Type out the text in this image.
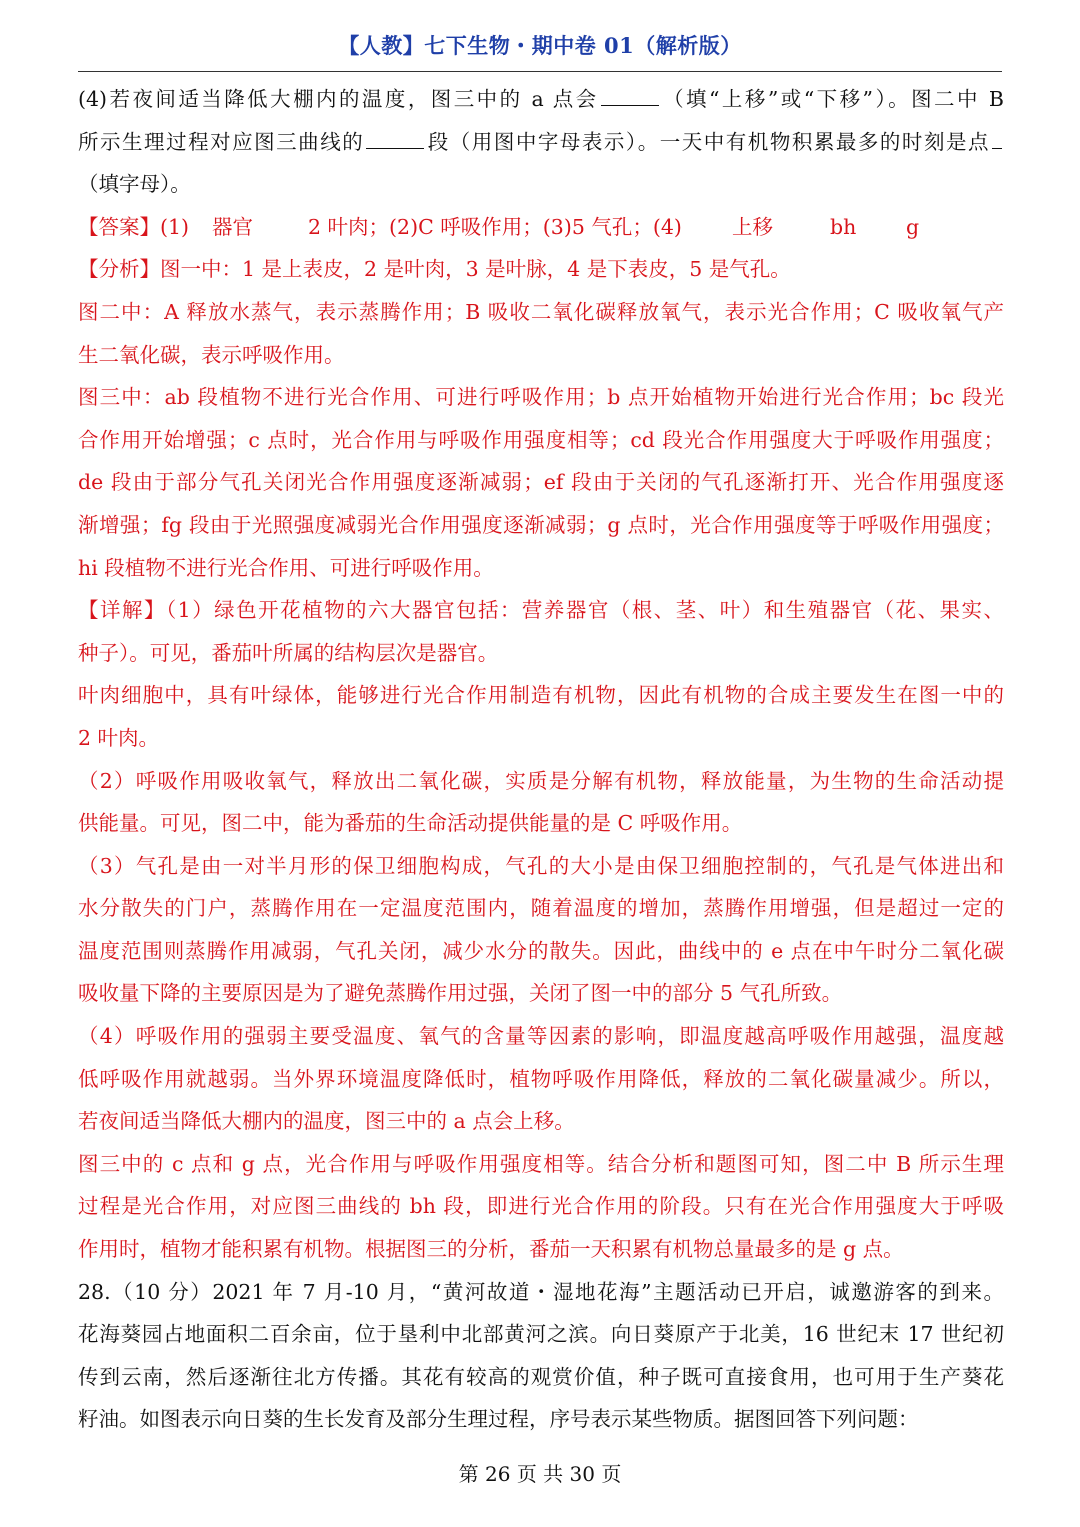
【人教】七下生物・期中卷 01（解析版）
(4)若夜间适当降低大棚内的温度，图三中的 a 点会	（填“上移”或“下移”）。图二中 B
所示生理过程对应图三曲线的	段（用图中字母表示）。一天中有机物积累最多的时刻是点
（填字母）。
【答案】(1) 器官	2 叶肉；(2)C 呼吸作用；(3)5 气孔；(4) 上移	bh g
【分析】图一中：1 是上表皮，2 是叶肉，3 是叶脉，4 是下表皮，5 是气孔。
图二中：A 释放水蒸气，表示蒸腾作用；B 吸收二氧化碳释放氧气，表示光合作用；C 吸收氧气产
生二氧化碳，表示呼吸作用。
图三中：ab 段植物不进行光合作用、可进行呼吸作用；b 点开始植物开始进行光合作用；bc 段光
合作用开始增强；c 点时，光合作用与呼吸作用强度相等；cd 段光合作用强度大于呼吸作用强度；
de 段由于部分气孔关闭光合作用强度逐渐减弱；ef 段由于关闭的气孔逐渐打开、光合作用强度逐
渐增强；fg 段由于光照强度减弱光合作用强度逐渐减弱；g 点时，光合作用强度等于呼吸作用强度；
hi 段植物不进行光合作用、可进行呼吸作用。
【详解】（1）绿色开花植物的六大器官包括：营养器官（根、茎、叶）和生殖器官（花、果实、
种子）。可见，番茄叶所属的结构层次是器官。
叶肉细胞中，具有叶绿体，能够进行光合作用制造有机物，因此有机物的合成主要发生在图一中的
2 叶肉。
（2）呼吸作用吸收氧气，释放出二氧化碳，实质是分解有机物，释放能量，为生物的生命活动提
供能量。可见，图二中，能为番茄的生命活动提供能量的是 C 呼吸作用。
（3）气孔是由一对半月形的保卫细胞构成，气孔的大小是由保卫细胞控制的，气孔是气体进出和
水分散失的门户，蒸腾作用在一定温度范围内，随着温度的增加，蒸腾作用增强，但是超过一定的
温度范围则蒸腾作用减弱，气孔关闭，减少水分的散失。因此，曲线中的 e 点在中午时分二氧化碳
吸收量下降的主要原因是为了避免蒸腾作用过强，关闭了图一中的部分 5 气孔所致。
（4）呼吸作用的强弱主要受温度、氧气的含量等因素的影响，即温度越高呼吸作用越强，温度越
低呼吸作用就越弱。当外界环境温度降低时，植物呼吸作用降低，释放的二氧化碳量减少。所以，
若夜间适当降低大棚内的温度，图三中的 a 点会上移。
图三中的 c 点和 g 点，光合作用与呼吸作用强度相等。结合分析和题图可知，图二中 B 所示生理
过程是光合作用，对应图三曲线的 bh 段，即进行光合作用的阶段。只有在光合作用强度大于呼吸
作用时，植物才能积累有机物。根据图三的分析，番茄一天积累有机物总量最多的是 g 点。
28.（10 分）2021 年 7 月-10 月，“黄河故道・湿地花海”主题活动已开启，诚邀游客的到来。
花海葵园占地面积二百余亩，位于垦利中北部黄河之滨。向日葵原产于北美，16 世纪末 17 世纪初
传到云南，然后逐渐往北方传播。其花有较高的观赏价值，种子既可直接食用，也可用于生产葵花
籽油。如图表示向日葵的生长发育及部分生理过程，序号表示某些物质。据图回答下列问题：
第 26 页 共 30 页
